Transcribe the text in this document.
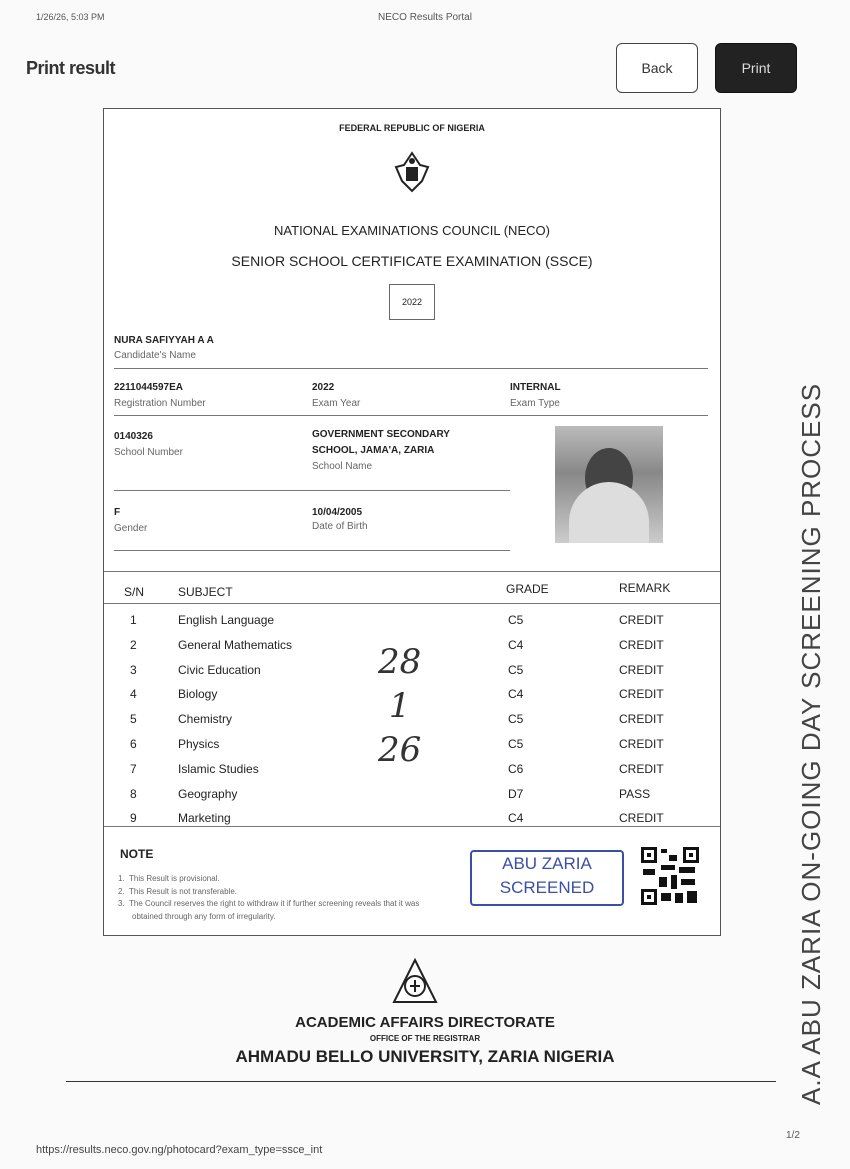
1/26/26, 5:03 PM	NECO Results Portal
Print result	Back	Print
FEDERAL REPUBLIC OF NIGERIA
NATIONAL EXAMINATIONS COUNCIL (NECO)
SENIOR SCHOOL CERTIFICATE EXAMINATION (SSCE)
2022
NURA SAFIYYAH A A
Candidate's Name
2211044597EA
Registration Number
2022
Exam Year
INTERNAL
Exam Type
0140326
School Number
GOVERNMENT SECONDARY
SCHOOL, JAMA'A, ZARIA
School Name
F
Gender
10/04/2005
Date of Birth
S/N	SUBJECT	GRADE	REMARK
1	English Language	C5	CREDIT
2	General Mathematics	C4	CREDIT
3	Civic Education	C5	CREDIT
4	Biology	C4	CREDIT
5	Chemistry	C5	CREDIT
6	Physics	C5	CREDIT
7	Islamic Studies	C6	CREDIT
8	Geography	D7	PASS
9	Marketing	C4	CREDIT
NOTE
1.  This Result is provisional.
2.  This Result is not transferable.
3.  The Council reserves the right to withdraw it if further screening reveals that it was obtained through any form of irregularity.	A.A ABU ZARIA ON-GOING DAY SCREENING PROCESS
28
1
26
ABU ZARIA
SCREENED
ACADEMIC AFFAIRS DIRECTORATE
OFFICE OF THE REGISTRAR
AHMADU BELLO UNIVERSITY, ZARIA NIGERIA
https://results.neco.gov.ng/photocard?exam_type=ssce_int
1/2
